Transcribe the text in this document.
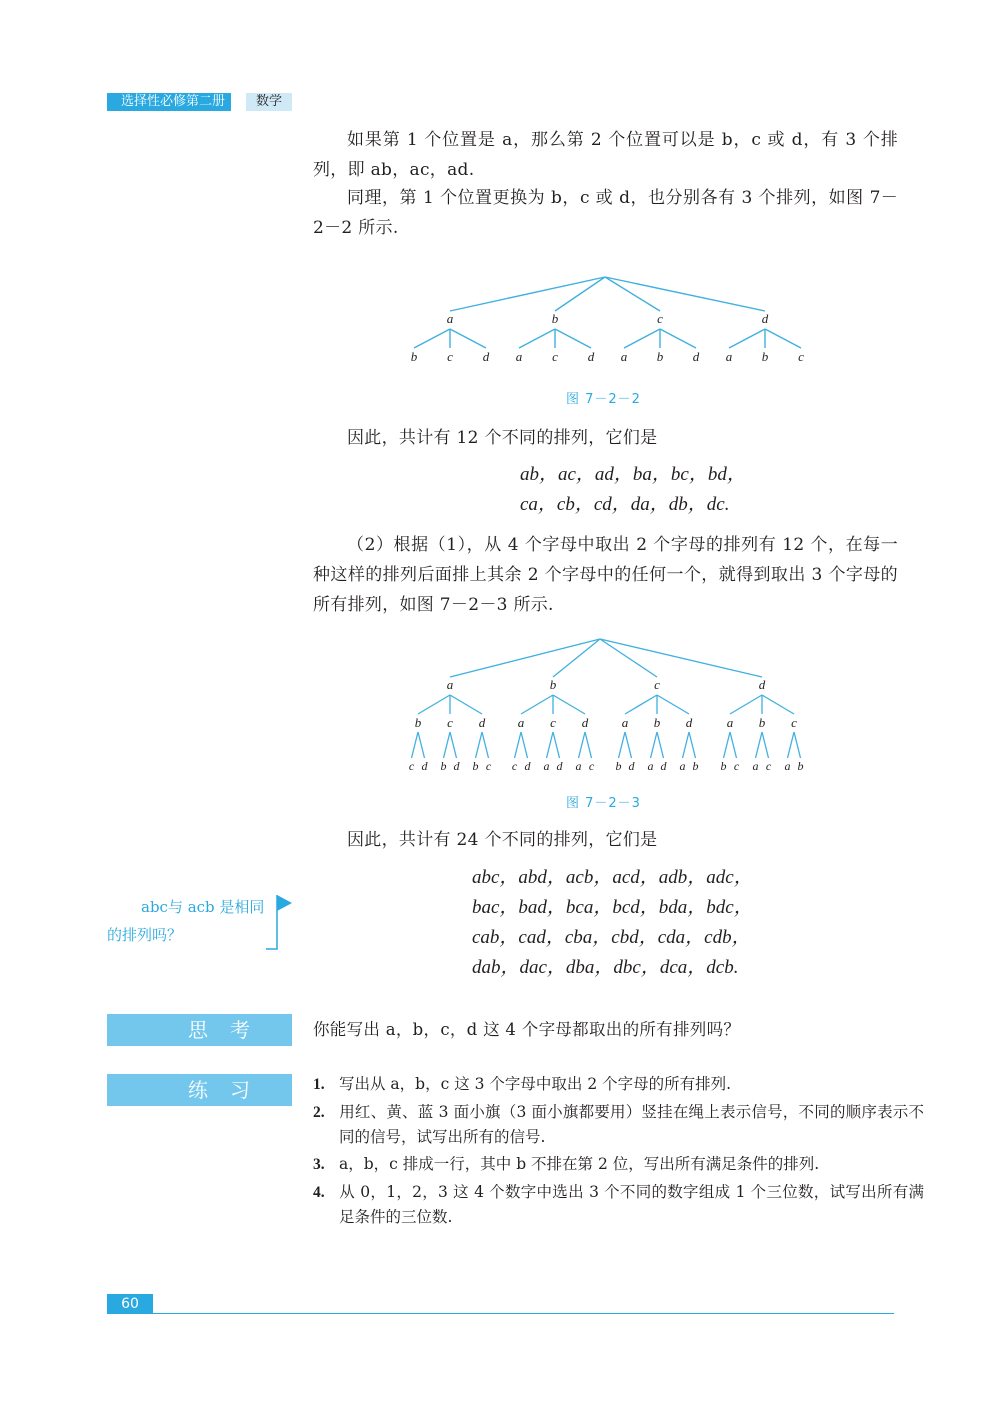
选择性必修第二册	数学
如果第 1 个位置是 a，那么第 2 个位置可以是 b，c 或 d，有 3 个排列，即 ab，ac，ad.
同理，第 1 个位置更换为 b，c 或 d，也分别各有 3 个排列，如图 7－2－2 所示.
a
b c d
b
a c d
c
a b d
d
a b c
图 7－2－2
因此，共计有 12 个不同的排列，它们是
ab，ac，ad，ba，bc，bd，
ca，cb，cd，da，db，dc.
（2）根据（1），从 4 个字母中取出 2 个字母的排列有 12 个，在每一种这样的排列后面排上其余 2 个字母中的任何一个，就得到取出 3 个字母的所有排列，如图 7－2－3 所示.
a
b
c d
c
b d
d
b c
b
a
c d
c
a d
d
a c
c
a
b d
b
a d
d
a b
d
a
b c
b
a c
c
a b
图 7－2－3
因此，共计有 24 个不同的排列，它们是
abc，abd，acb，acd，adb，adc，
bac，bad，bca，bcd，bda，bdc，
cab，cad，cba，cbd，cda，cdb，
dab，dac，dba，dbc，dca，dcb.
abc与 acb 是相同
的排列吗？
思考 你能写出 a，b，c，d 这 4 个字母都取出的所有排列吗？
练习	1. 写出从 a，b，c 这 3 个字母中取出 2 个字母的所有排列.
2. 用红、黄、蓝 3 面小旗（3 面小旗都要用）竖挂在绳上表示信号，不同的顺序表示不同的信号，试写出所有的信号.
3. a，b，c 排成一行，其中 b 不排在第 2 位，写出所有满足条件的排列.
4. 从 0，1，2，3 这 4 个数字中选出 3 个不同的数字组成 1 个三位数，试写出所有满足条件的三位数.
60
